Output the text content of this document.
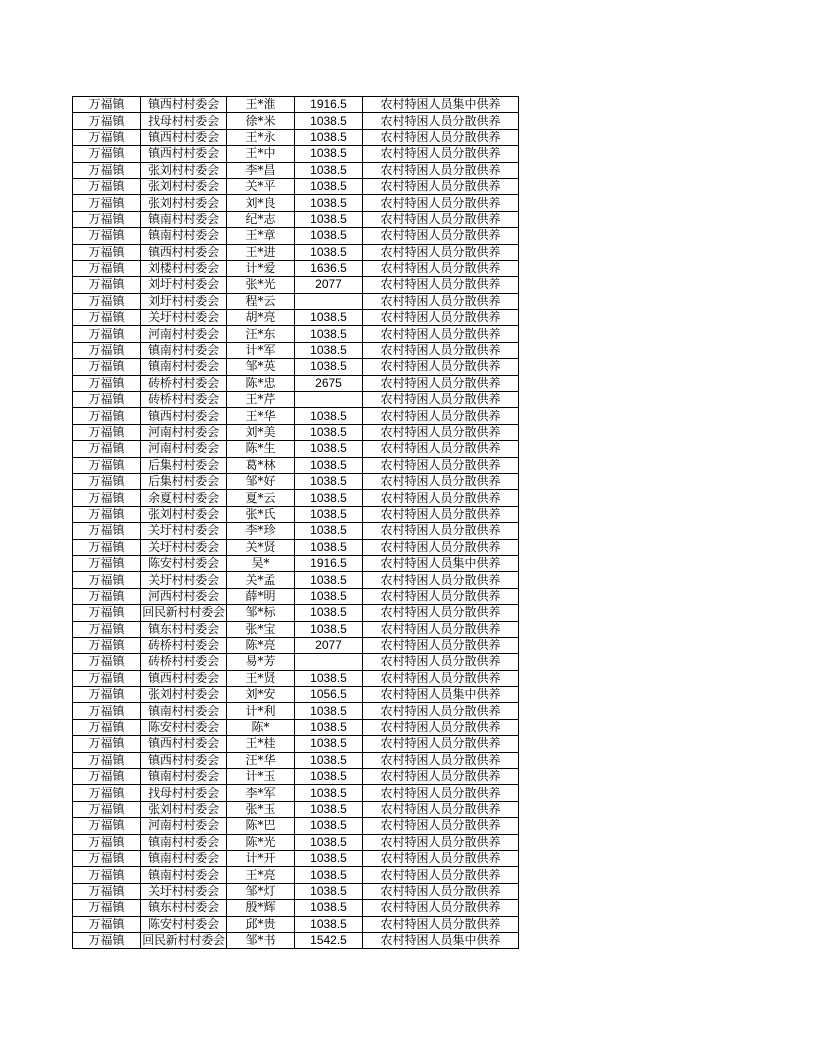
万福镇	镇西村村委会	王*淮	1916.5	农村特困人员集中供养
万福镇	找母村村委会	徐*米	1038.5	农村特困人员分散供养
万福镇	镇西村村委会	王*永	1038.5	农村特困人员分散供养
万福镇	镇西村村委会	王*中	1038.5	农村特困人员分散供养
万福镇	张刘村村委会	李*昌	1038.5	农村特困人员分散供养
万福镇	张刘村村委会	关*平	1038.5	农村特困人员分散供养
万福镇	张刘村村委会	刘*良	1038.5	农村特困人员分散供养
万福镇	镇南村村委会	纪*志	1038.5	农村特困人员分散供养
万福镇	镇南村村委会	王*章	1038.5	农村特困人员分散供养
万福镇	镇西村村委会	王*进	1038.5	农村特困人员分散供养
万福镇	刘楼村村委会	计*爱	1636.5	农村特困人员分散供养
万福镇	刘圩村村委会	张*光	2077	农村特困人员分散供养
万福镇	刘圩村村委会	程*云		农村特困人员分散供养
万福镇	关圩村村委会	胡*亮	1038.5	农村特困人员分散供养
万福镇	河南村村委会	汪*东	1038.5	农村特困人员分散供养
万福镇	镇南村村委会	计*军	1038.5	农村特困人员分散供养
万福镇	镇南村村委会	邹*英	1038.5	农村特困人员分散供养
万福镇	砖桥村村委会	陈*忠	2675	农村特困人员分散供养
万福镇	砖桥村村委会	王*芹		农村特困人员分散供养
万福镇	镇西村村委会	王*华	1038.5	农村特困人员分散供养
万福镇	河南村村委会	刘*美	1038.5	农村特困人员分散供养
万福镇	河南村村委会	陈*生	1038.5	农村特困人员分散供养
万福镇	后集村村委会	葛*林	1038.5	农村特困人员分散供养
万福镇	后集村村委会	邹*好	1038.5	农村特困人员分散供养
万福镇	余夏村村委会	夏*云	1038.5	农村特困人员分散供养
万福镇	张刘村村委会	张*氏	1038.5	农村特困人员分散供养
万福镇	关圩村村委会	李*珍	1038.5	农村特困人员分散供养
万福镇	关圩村村委会	关*贤	1038.5	农村特困人员分散供养
万福镇	陈安村村委会	吴*	1916.5	农村特困人员集中供养
万福镇	关圩村村委会	关*孟	1038.5	农村特困人员分散供养
万福镇	河西村村委会	薛*明	1038.5	农村特困人员分散供养
万福镇	回民新村村委会	邹*标	1038.5	农村特困人员分散供养
万福镇	镇东村村委会	张*宝	1038.5	农村特困人员分散供养
万福镇	砖桥村村委会	陈*亮	2077	农村特困人员分散供养
万福镇	砖桥村村委会	易*芳		农村特困人员分散供养
万福镇	镇西村村委会	王*贤	1038.5	农村特困人员分散供养
万福镇	张刘村村委会	刘*安	1056.5	农村特困人员集中供养
万福镇	镇南村村委会	计*利	1038.5	农村特困人员分散供养
万福镇	陈安村村委会	陈*	1038.5	农村特困人员分散供养
万福镇	镇西村村委会	王*桂	1038.5	农村特困人员分散供养
万福镇	镇西村村委会	汪*华	1038.5	农村特困人员分散供养
万福镇	镇南村村委会	计*玉	1038.5	农村特困人员分散供养
万福镇	找母村村委会	李*军	1038.5	农村特困人员分散供养
万福镇	张刘村村委会	张*玉	1038.5	农村特困人员分散供养
万福镇	河南村村委会	陈*巴	1038.5	农村特困人员分散供养
万福镇	镇南村村委会	陈*光	1038.5	农村特困人员分散供养
万福镇	镇南村村委会	计*开	1038.5	农村特困人员分散供养
万福镇	镇南村村委会	王*亮	1038.5	农村特困人员分散供养
万福镇	关圩村村委会	邹*灯	1038.5	农村特困人员分散供养
万福镇	镇东村村委会	殷*辉	1038.5	农村特困人员分散供养
万福镇	陈安村村委会	邱*贵	1038.5	农村特困人员分散供养
万福镇	回民新村村委会	邹*书	1542.5	农村特困人员集中供养
